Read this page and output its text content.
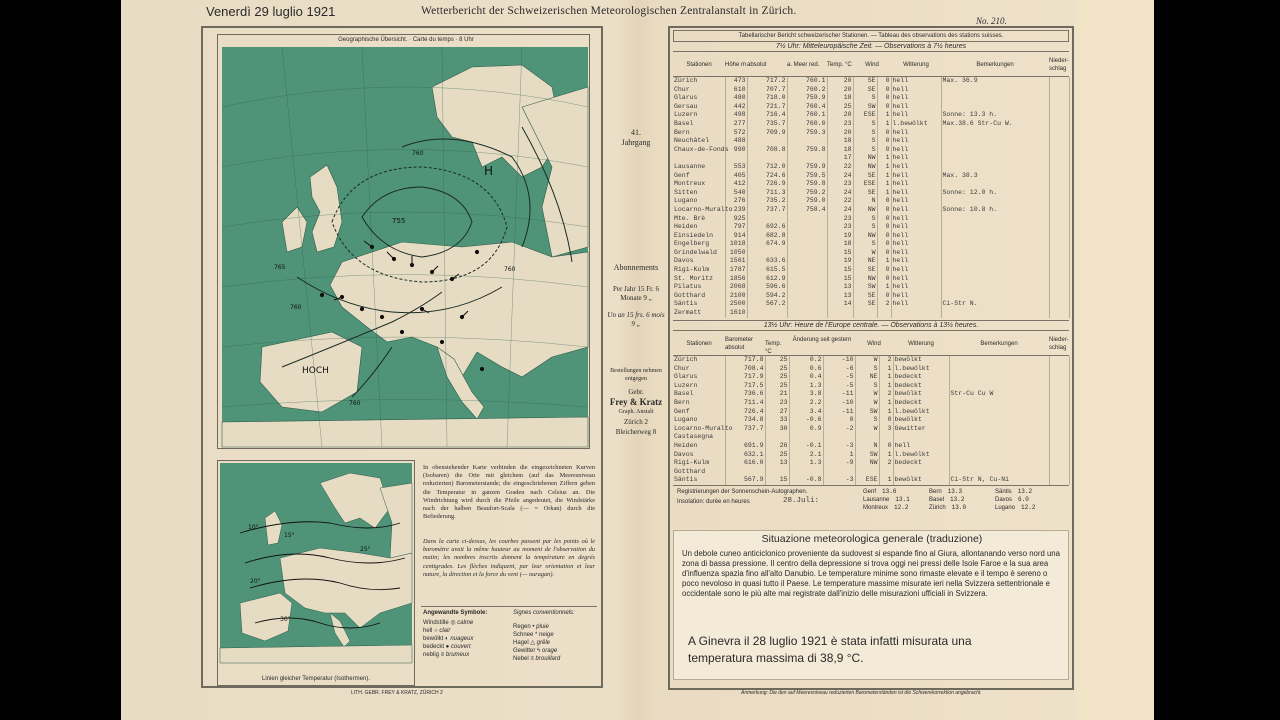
Venerdì 29 luglio 1921	Wetterbericht der Schweizerischen Meteorologischen Zentralanstalt in Zürich.
No. 210.
Geographische Übersicht. · Carte du temps · 8 Uhr
760
755
760
765
760
760
H
HOCH
10°
25°
20°
15°
30°
Linien gleicher Temperatur (Isothermen).
In obenstehender Karte verbinden die eingezeichneten Kurven (Isobaren) die Orte mit gleichem (auf das Meeresniveau reduzierten) Barometerstande; die eingeschriebenen Ziffern geben die Temperatur in ganzen Graden nach Celsius an. Die Windrichtung wird durch die Pfeile angedeutet, die Windstärke nach der halben Beaufort-Scala (— = Orkan) durch die Befiederung.
Dans la carte ci-dessus, les courbes passent par les points où le baromètre avait la même hauteur au moment de l'observation du matin; les nombres inscrits donnent la température en degrés centigrades. Les flèches indiquent, par leur orientation et leur nature, la direction et la force du vent (— ouragan).
Angewandte Symbole:	Signes conventionnels:
Windstille ◎ calme
hell ○ clair
bewölkt ◐ nuageux
bedeckt ● couvert
neblig ≡ brumeux
Regen • pluie
Schnee * neige
Hagel △ grêle
Gewitter ϟ orage
Nebel ≡ brouillard
LITH. GEBR. FREY & KRATZ, ZÜRICH 2
41.
Jahrgang
Abonnements
Per Jahr 15 Fr. 6 Monate 9 „
Un an 15 frs. 6 mois 9 „
Bestellungen nehmen entgegen
Gebr.
Frey & Kratz
Graph. Anstalt
Zürich 2
Bleicherweg 8
Tabellarischer Bericht schweizerischer Stationen. — Tableau des observations des stations suisses.
7½ Uhr: Mitteleuropäische Zeit. — Observations à 7½ heures
Stationen	Höhe m absolut	a. Meer red.	Temp. °C	Wind	Witterung	Bemerkungen
Nieder-schlag
Zürich	473	717.2	760.1	20	SE	0	hell	Max. 36.9	
Chur	610	707.7	760.2	20	SE	0	hell		
Glarus	480	718.0	759.9	18	S	0	hell		
Gersau	442	721.7	760.4	25	SW	0	hell		
Luzern	498	716.4	760.1	20	ESE	1	hell	Sonne: 13.3 h.	
Basel	277	735.7	760.0	23	S	1	l.bewölkt	Max.38.6 Str-Cu W.	
Bern	572	709.9	759.3	20	S	0	hell		
Neuchâtel	488			18	S	0	hell		
Chaux-de-Fonds	990	708.8	759.8	18	S	0	hell		
				17	NW	1	hell		
Lausanne	553	712.0	759.9	22	NW	1	hell		
Genf	405	724.6	759.5	24	SE	1	hell	Max. 38.3	
Montreux	412	726.9	759.8	23	ESE	1	hell		
Sitten	540	711.3	759.2	24	SE	1	hell	Sonne: 12.0 h.	
Lugano	276	735.2	759.0	22	N	0	hell		
Locarno-Muralto	239	737.7	758.4	24	NW	0	hell	Sonne: 10.8 h.	
Mte. Brè	925			23	S	0	hell		
Heiden	797	692.6		23	S	0	hell		
Einsiedeln	914	682.8		19	NW	0	hell		
Engelberg	1018	674.9		18	S	0	hell		
Grindelwald	1050			15	W	0	hell		
Davos	1561	633.6		19	NE	1	hell		
Rigi-Kulm	1787	615.5		15	SE	0	hell		
St. Moritz	1856	612.9		15	NW	0	hell		
Pilatus	2068	596.6		13	SW	1	hell		
Gotthard	2100	594.2		13	SE	0	hell		
Säntis	2500	567.2		14	SE	2	hell	Ci-Str N.	
Zermatt	1610								
13½ Uhr: Heure de l'Europe centrale. — Observations à 13½ heures.
Stationen
Barometer absolut
Temp. °C
Änderung seit gestern
Wind	Witterung	Bemerkungen
Nieder-schlag
Zürich	717.8	25	0.2	-10	W	2	bewölkt		
Chur	708.4	25	0.6	-6	S	1	l.bewölkt		
Glarus	717.9	25	0.4	-5	NE	1	bedeckt		
Luzern	717.5	25	1.3	-5	S	1	bedeckt		
Basel	736.6	21	3.8	-11	W	2	bewölkt	Str-Cu Cu W	
Bern	711.4	23	2.2	-10	W	1	bedeckt		
Genf	726.4	27	3.4	-11	SW	1	l.bewölkt		
Lugano	734.8	33	-0.6	0	S	0	bewölkt		
Locarno-Muralto	737.7	30	0.9	-2	W	3	Gewitter		
Castasegna									
Heiden	691.9	26	-0.1	-3	N	0	hell		
Davos	632.1	25	2.1	1	SW	1	l.bewölkt		
Rigi-Kulm	616.0	13	1.3	-9	NW	2	bedeckt		
Gotthard									
Säntis	567.9	15	-0.8	-3	ESE	1	bewölkt	Ci-Str N, Cu-Ni	
Registrierungen der Sonnenschein-Autographen.
Insolation: durée en heures	28.Juli:
Genf 13.6
Lausanne 13.1
Montreux 12.2
Bern 13.3
Basel 13.2
Zürich 13.0
Säntis 13.2
Davos 6.0
Lugano 12.2
Situazione meteorologica generale (traduzione)
Un debole cuneo anticiclonico proveniente da sudovest si espande fino al Giura, allontanando verso nord una zona di bassa pressione. Il centro della depressione si trova oggi nei pressi delle Isole Faroe e la sua area d'influenza spazia fino all'alto Danubio. Le temperature minime sono rimaste elevate e il tempo è sereno o poco nevoloso in quasi tutto il Paese. Le temperature massime misurate ieri nella Svizzera settentrionale e occidentale sono le più alte mai registrate dall'inizio delle misurazioni ufficiali in Svizzera.
A Ginevra il 28 luglio 1921 è stata infatti misurata una temperatura massima di 38,9 °C.
Anmerkung: Die den auf Meeresniveau reduzierten Barometerständen ist die Schwerekorrektion angebracht.
